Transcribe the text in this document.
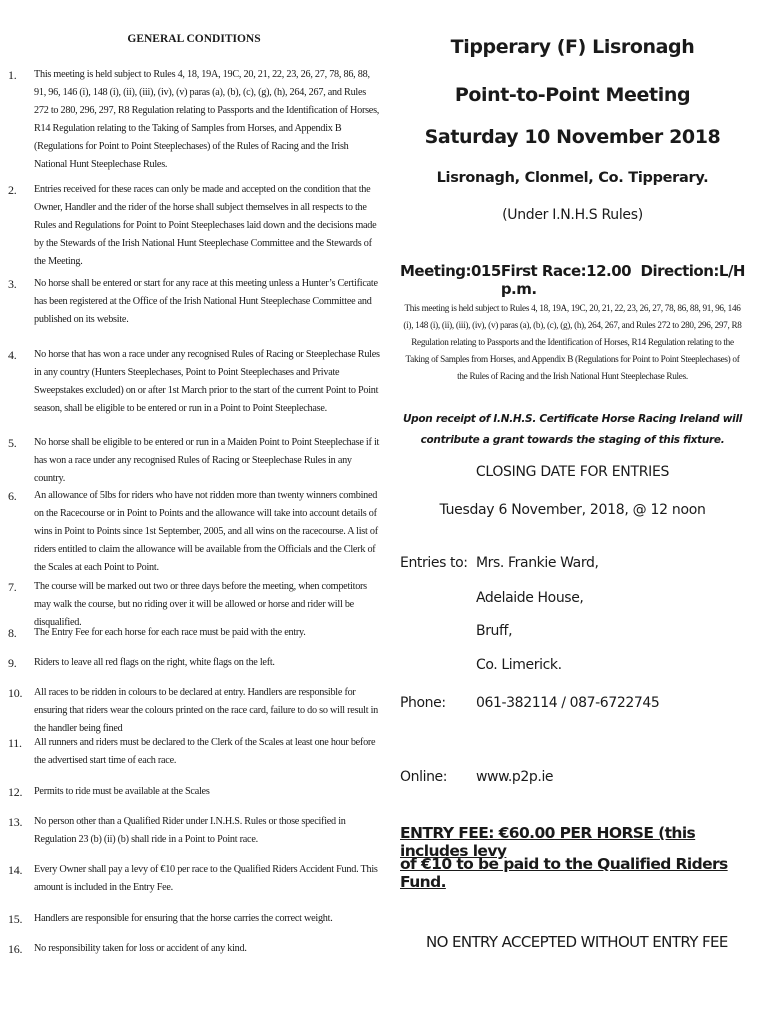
GENERAL CONDITIONS
1.	This meeting is held subject to Rules 4, 18, 19A, 19C, 20, 21, 22, 23, 26, 27, 78, 86, 88, 91, 96, 146 (i), 148 (i), (ii), (iii), (iv), (v) paras (a), (b), (c), (g), (h), 264, 267, and Rules 272 to 280, 296, 297, R8 Regulation relating to Passports and the Identification of Horses, R14 Regulation relating to the Taking of Samples from Horses, and Appendix B (Regulations for Point to Point Steeplechases) of the Rules of Racing and the Irish National Hunt Steeplechase Rules.
2.	Entries received for these races can only be made and accepted on the condition that the Owner, Handler and the rider of the horse shall subject themselves in all respects to the Rules and Regulations for Point to Point Steeplechases laid down and the decisions made by the Stewards of the Irish National Hunt Steeplechase Committee and the Stewards of the Meeting.
3.	No horse shall be entered or start for any race at this meeting unless a Hunter’s Certificate has been registered at the Office of the Irish National Hunt Steeplechase Committee and published on its website.
4.	No horse that has won a race under any recognised Rules of Racing or Steeplechase Rules in any country (Hunters Steeplechases, Point to Point Steeplechases and Private Sweepstakes excluded) on or after 1st March prior to the start of the current Point to Point season, shall be eligible to be entered or run in a Point to Point Steeplechase.
5.	No horse shall be eligible to be entered or run in a Maiden Point to Point Steeplechase if it has won a race under any recognised Rules of Racing or Steeplechase Rules in any country.
6.	An allowance of 5lbs for riders who have not ridden more than twenty winners combined on the Racecourse or in Point to Points and the allowance will take into account details of wins in Point to Points since 1st September, 2005, and all wins on the racecourse. A list of riders entitled to claim the allowance will be available from the Officials and the Clerk of the Scales at each Point to Point.
7.	The course will be marked out two or three days before the meeting, when competitors may walk the course, but no riding over it will be allowed or horse and rider will be disqualified.
8.	The Entry Fee for each horse for each race must be paid with the entry.
9.	Riders to leave all red flags on the right, white flags on the left.
10.	All races to be ridden in colours to be declared at entry. Handlers are responsible for ensuring that riders wear the colours printed on the race card, failure to do so will result in the handler being fined
11.	All runners and riders must be declared to the Clerk of the Scales at least one hour before the advertised start time of each race.
12.	Permits to ride must be available at the Scales
13.	No person other than a Qualified Rider under I.N.H.S. Rules or those specified in Regulation 23 (b) (ii) (b) shall ride in a Point to Point race.
14.	Every Owner shall pay a levy of €10 per race to the Qualified Riders Accident Fund. This amount is included in the Entry Fee.
15.	Handlers are responsible for ensuring that the horse carries the correct weight.
16.	No responsibility taken for loss or accident of any kind.
Tipperary (F) Lisronagh
Point-to-Point Meeting
Saturday 10 November 2018
Lisronagh, Clonmel, Co. Tipperary.
(Under I.N.H.S Rules)
Meeting:015 First Race:12.00 p.m.
Direction:L/H
This meeting is held subject to Rules 4, 18, 19A, 19C, 20, 21, 22, 23, 26, 27, 78, 86, 88, 91, 96, 146 (i), 148 (i), (ii), (iii), (iv), (v) paras (a), (b), (c), (g), (h), 264, 267, and Rules 272 to 280, 296, 297, R8 Regulation relating to Passports and the Identification of Horses, R14 Regulation relating to the Taking of Samples from Horses, and Appendix B (Regulations for Point to Point Steeplechases) of the Rules of Racing and the Irish National Hunt Steeplechase Rules.
Upon receipt of I.N.H.S. Certificate Horse Racing Ireland will contribute a grant towards the staging of this fixture.
CLOSING DATE FOR ENTRIES
Tuesday 6 November, 2018, @ 12 noon
Entries to: Mrs. Frankie Ward,
Adelaide House,
Bruff,
Co. Limerick.
Phone: 061-382114 / 087-6722745
Online: www.p2p.ie
ENTRY FEE: €60.00 PER HORSE (this includes levy
of €10 to be paid to the Qualified Riders Fund.
NO ENTRY ACCEPTED WITHOUT ENTRY FEE
